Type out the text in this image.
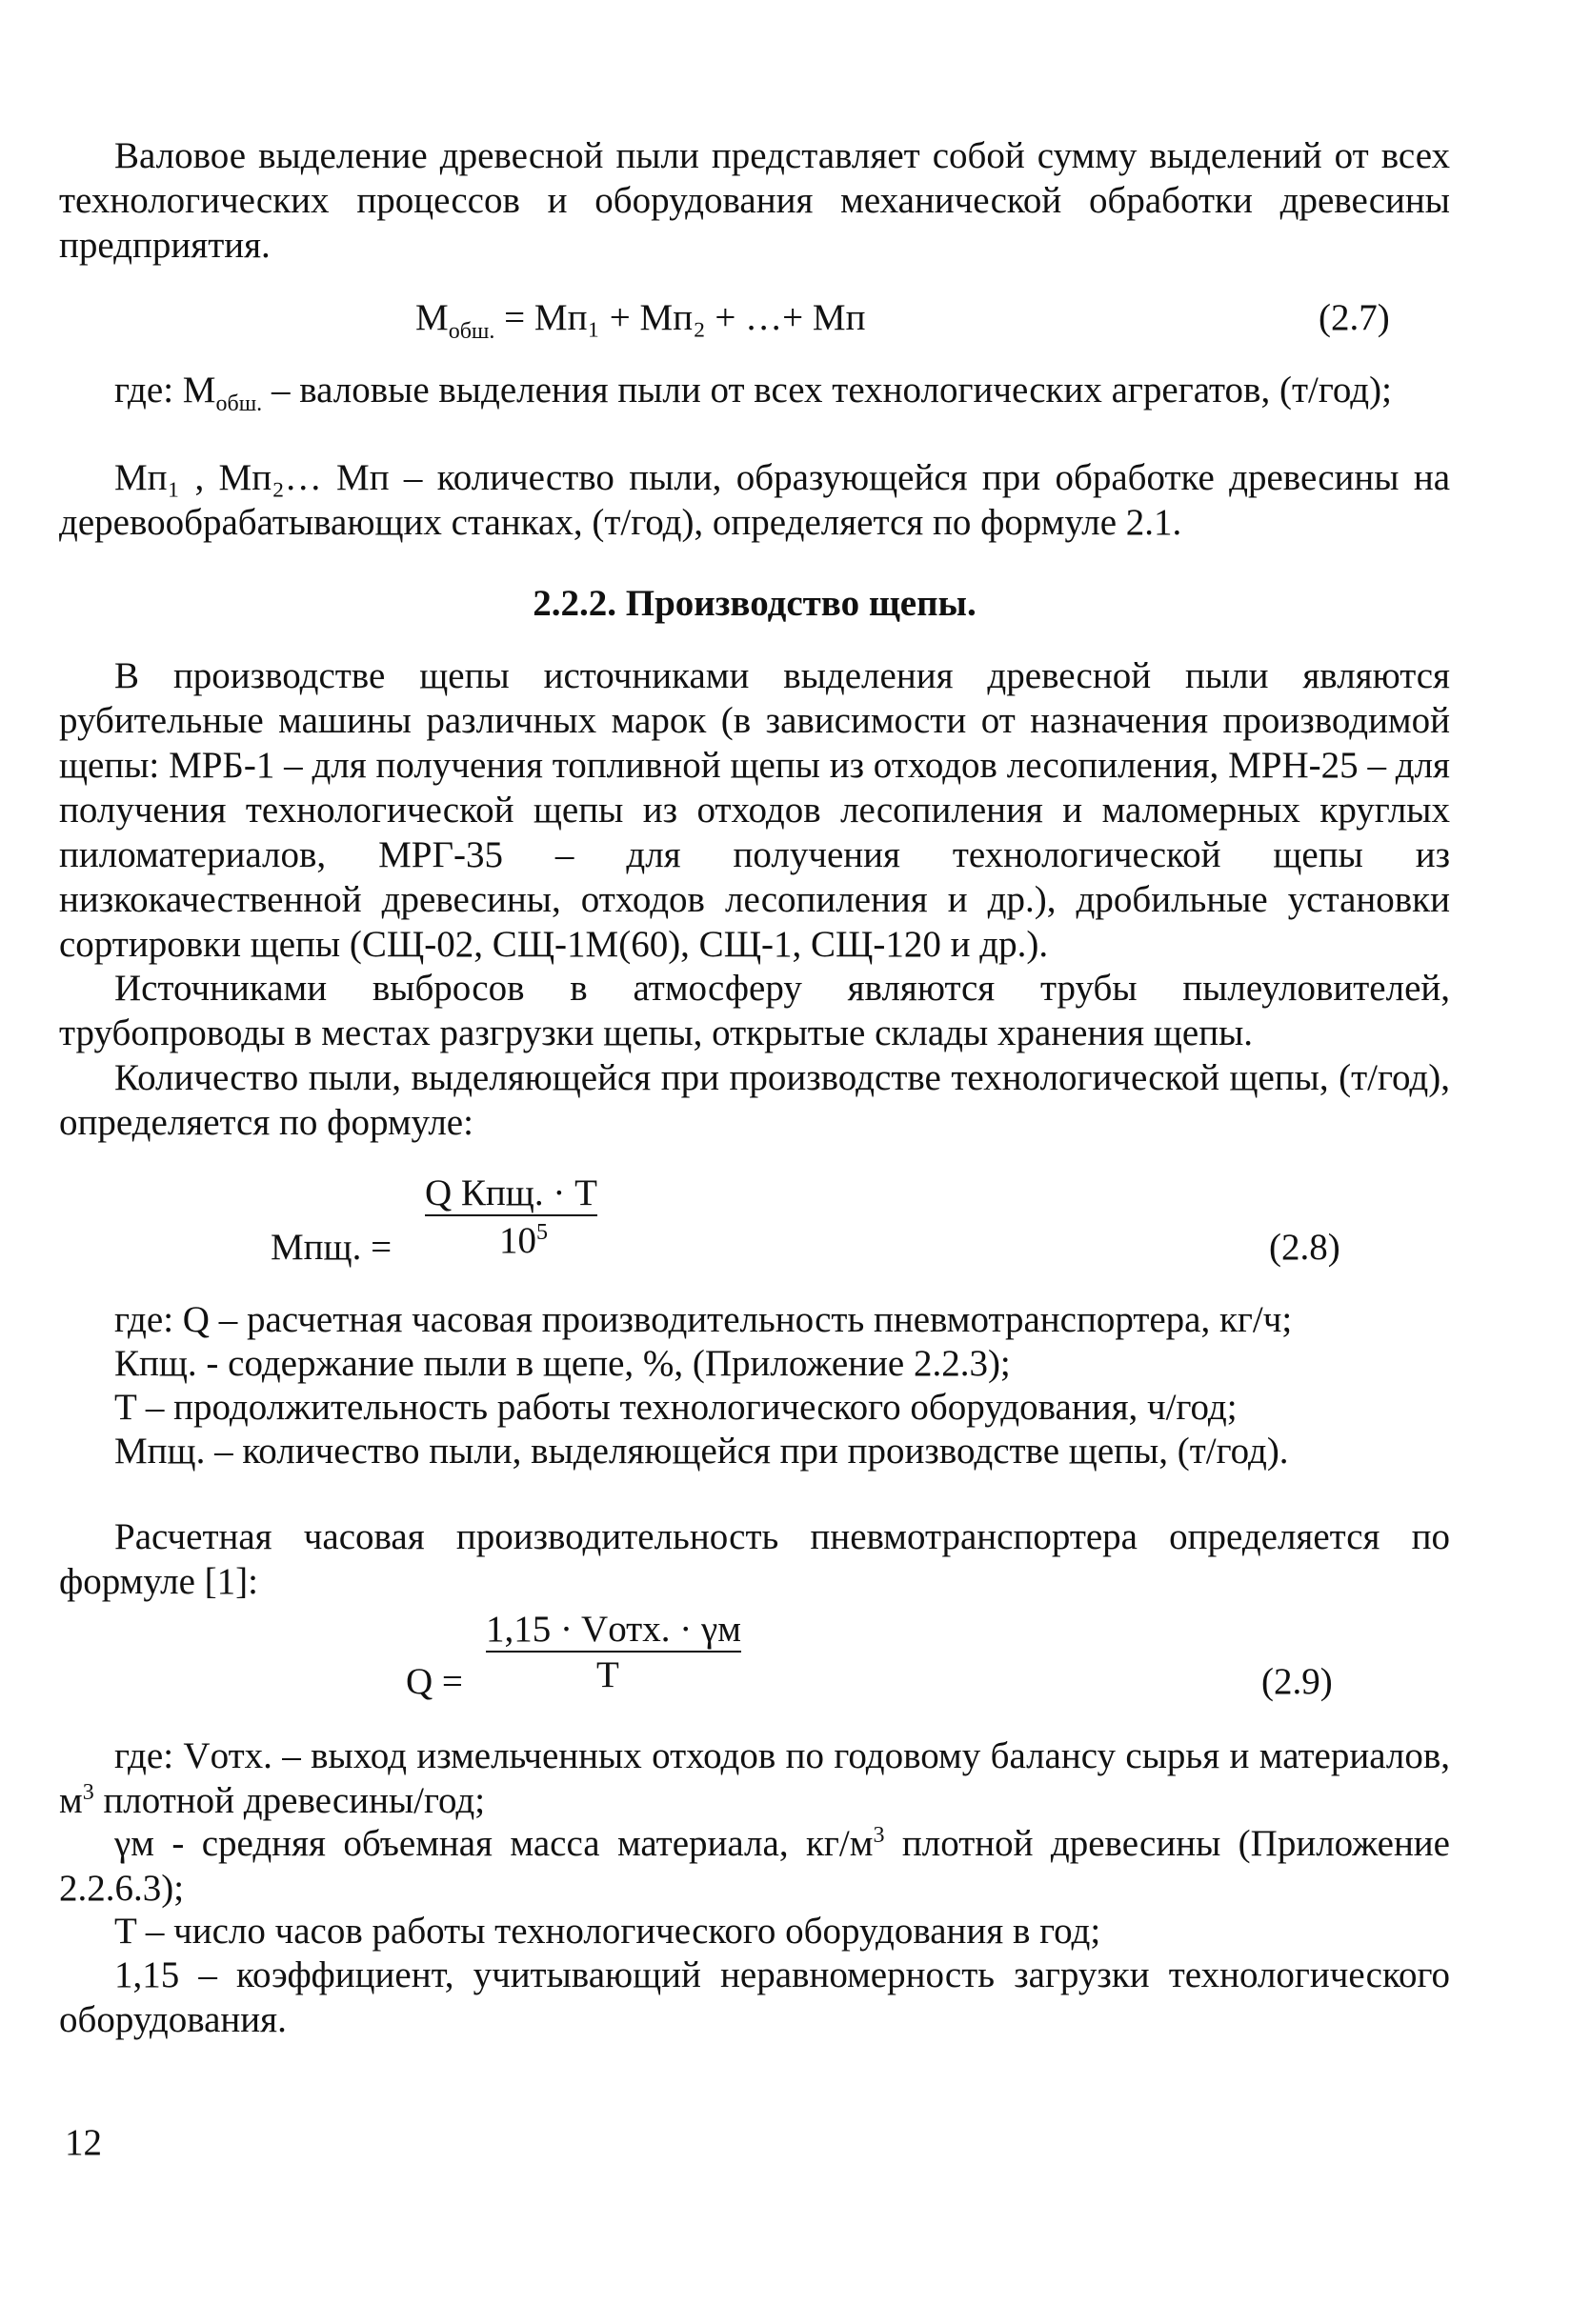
Валовое выделение древесной пыли представляет собой сумму выделений от всех технологических процессов и оборудования механической обработки древесины предприятия.

$M_{обш.} = Мп_1 + Мп_2$ + …+ Мп	(2.7)

где: $М_{обш.}$ – валовые выделения пыли от всех технологических агрегатов, (т/год);

Мп₁ , Мп₂… Мп – количество пыли, образующейся при обработке древесины на деревообрабатывающих станках, (т/год), определяется по формуле 2.1.

2.2.2. Производство щепы.

В производстве щепы источниками выделения древесной пыли являются рубительные машины различных марок (в зависимости от назначения производимой щепы: МРБ-1 – для получения топливной щепы из отходов лесопиления, МРН-25 – для получения технологической щепы из отходов лесопиления и маломерных круглых пиломатериалов, МРГ-35 – для получения технологической щепы из низкокачественной древесины, отходов лесопиления и др.), дробильные установки сортировки щепы (СЩ-02, СЩ-1М(60), СЩ-1, СЩ-120 и др.).

Источниками выбросов в атмосферу являются трубы пылеуловителей, трубопроводы в местах разгрузки щепы, открытые склады хранения щепы.

Количество пыли, выделяющейся при производстве технологической щепы, (т/год), определяется по формуле:

Мпщ. =
Q Кпщ. · T
$10^5$	(2.8)

где: Q – расчетная часовая производительность пневмотранспортера, кг/ч;

Кпщ. - содержание пыли в щепе, %, (Приложение 2.2.3);

T – продолжительность работы технологического оборудования, ч/год;

Мпщ. – количество пыли, выделяющейся при производстве щепы, (т/год).

Расчетная часовая производительность пневмотранспортера определяется по формуле [1]:

Q =
1,15 · Vотх. · γм
T	(2.9)

где: Vотх. – выход измельченных отходов по годовому балансу сырья и материалов, $м^3$ плотной древесины/год;

γм - средняя объемная масса материала, $кг/м^3$ плотной древесины (Приложение 2.2.6.3);

T – число часов работы технологического оборудования в год;

1,15 – коэффициент, учитывающий неравномерность загрузки технологического оборудования.

12
